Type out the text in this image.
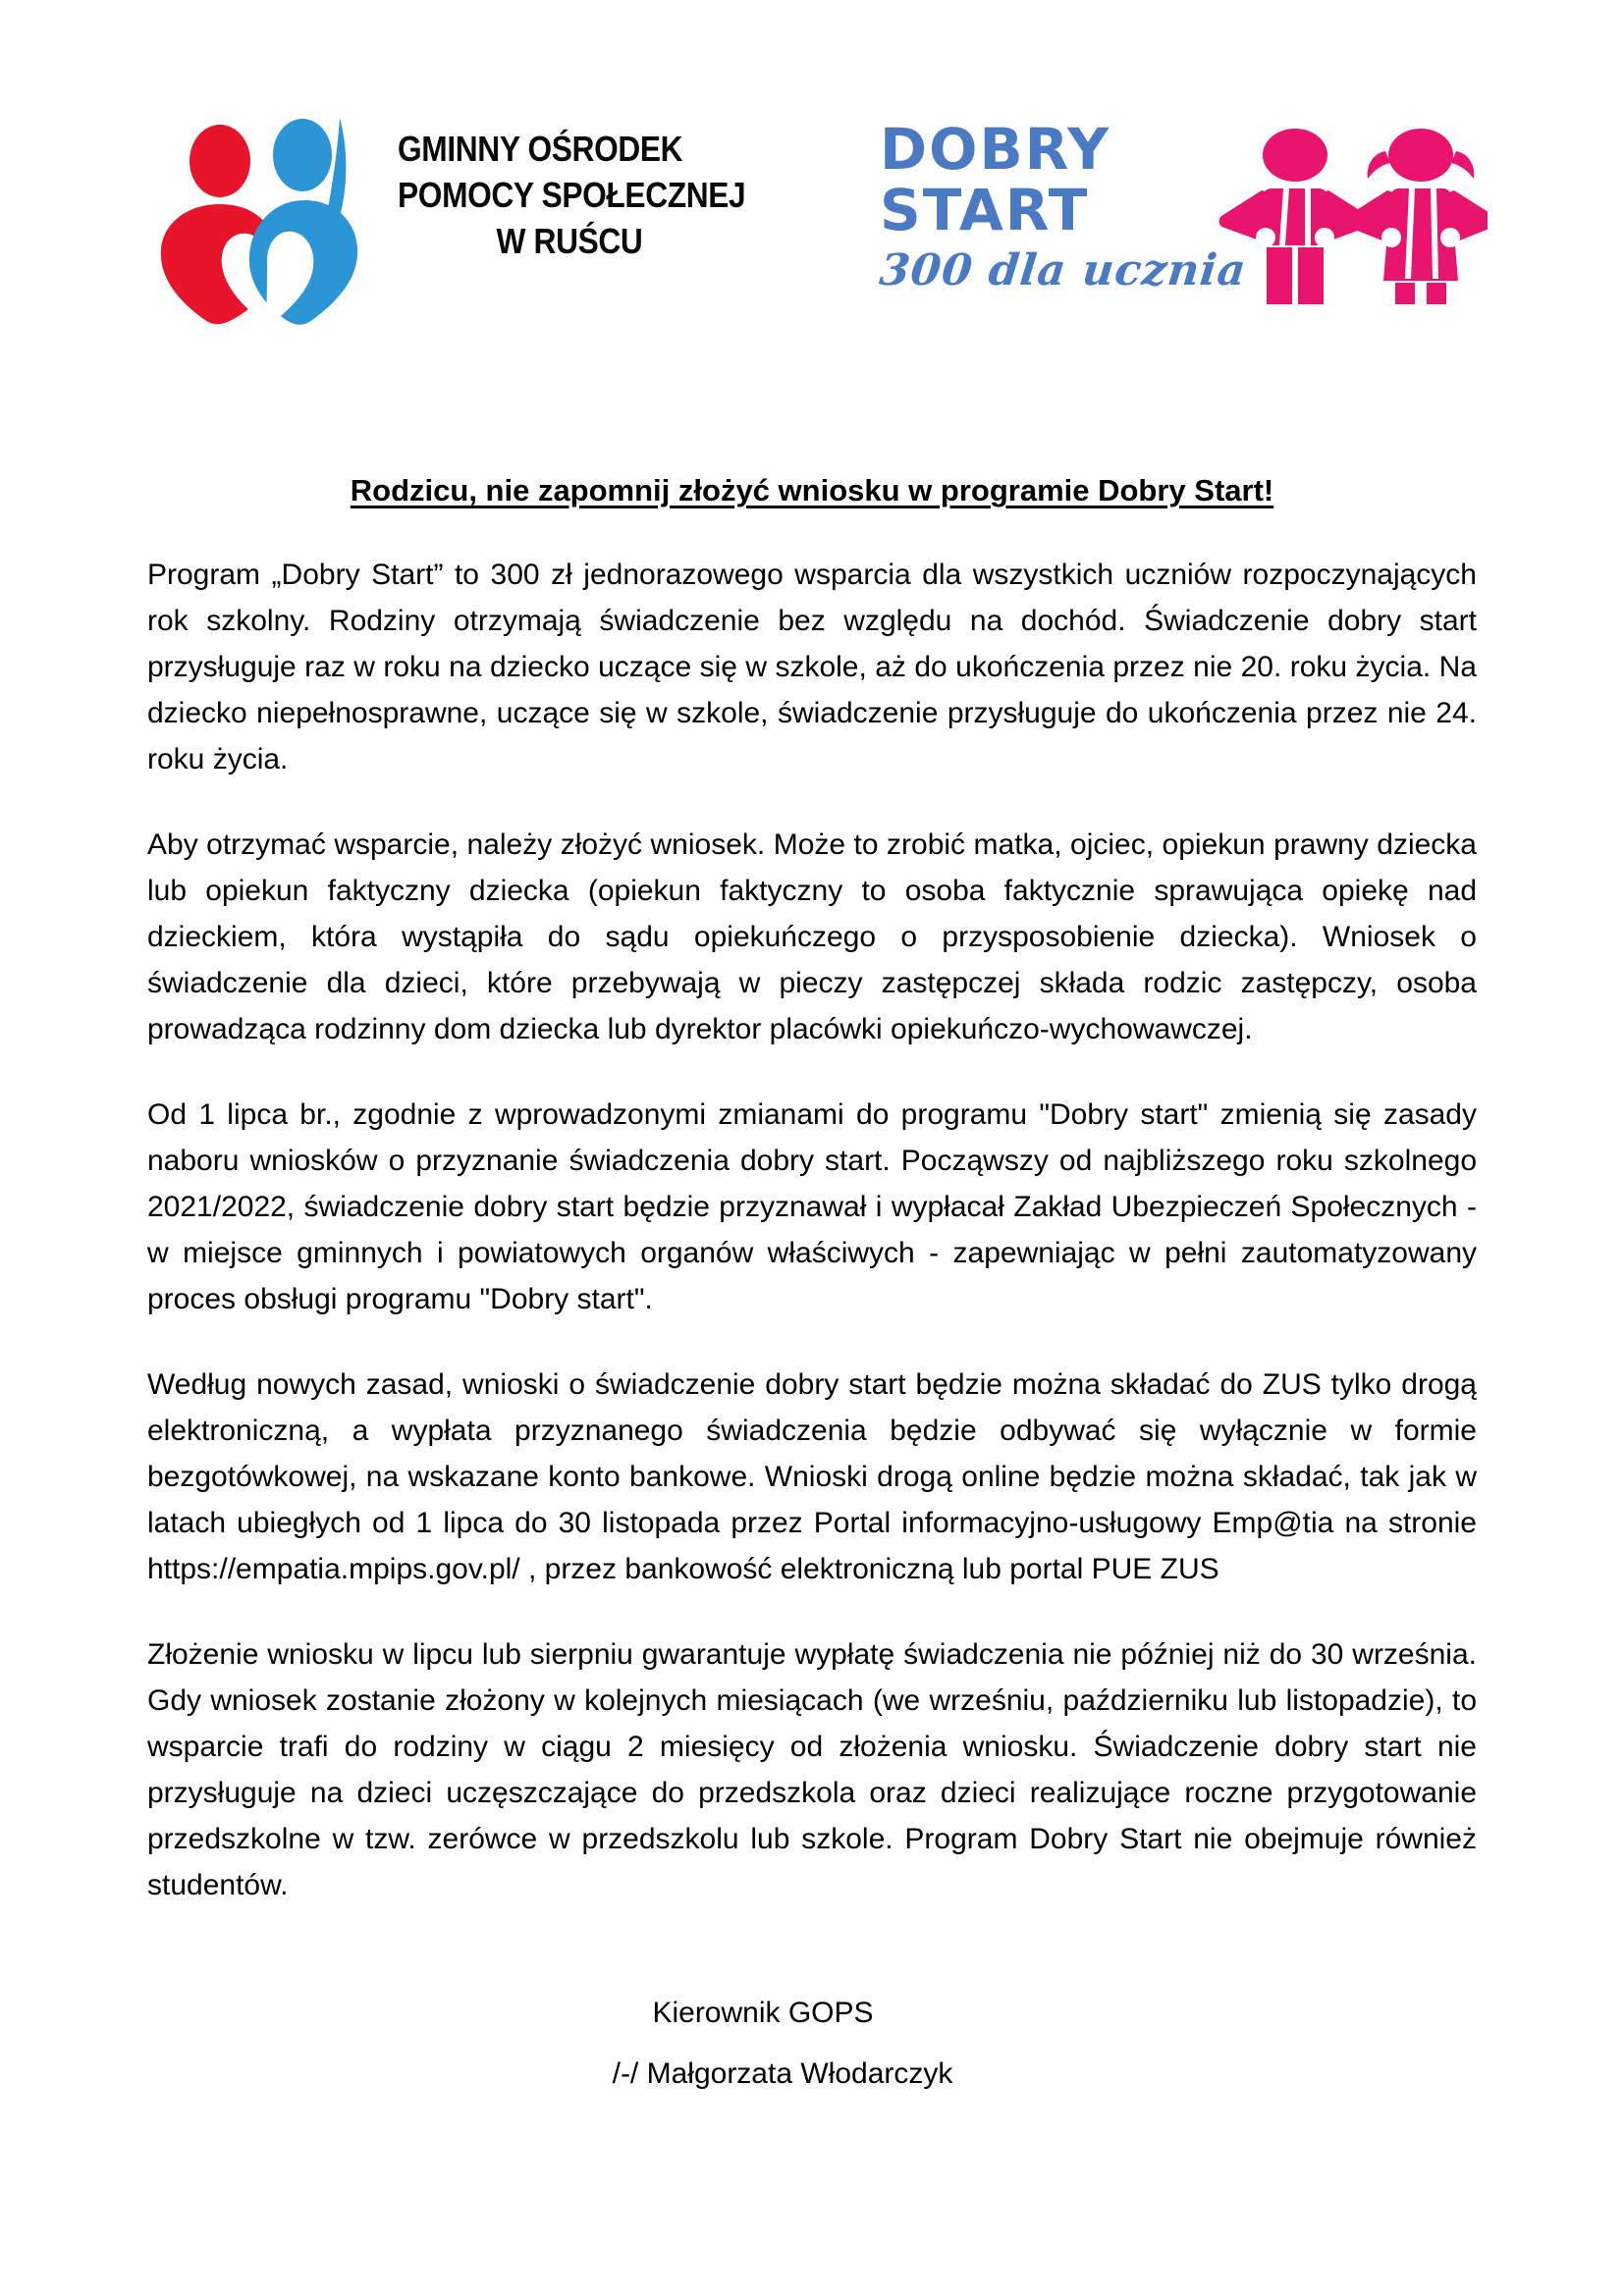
GMINNY OŚRODEK
POMOCY SPOŁECZNEJ
W RUŚCU
DOBRY
START
300 dla ucznia
Rodzicu, nie zapomnij złożyć wniosku w programie Dobry Start!

Program „Dobry Start” to 300 zł jednorazowego wsparcia dla wszystkich uczniów rozpoczynających rok szkolny. Rodziny otrzymają świadczenie bez względu na dochód. Świadczenie dobry start przysługuje raz w roku na dziecko uczące się w szkole, aż do ukończenia przez nie 20. roku życia. Na dziecko niepełnosprawne, uczące się w szkole, świadczenie przysługuje do ukończenia przez nie 24. roku życia.

Aby otrzymać wsparcie, należy złożyć wniosek. Może to zrobić matka, ojciec, opiekun prawny dziecka lub opiekun faktyczny dziecka (opiekun faktyczny to osoba faktycznie sprawująca opiekę nad dzieckiem, która wystąpiła do sądu opiekuńczego o przysposobienie dziecka). Wniosek o świadczenie dla dzieci, które przebywają w pieczy zastępczej składa rodzic zastępczy, osoba prowadząca rodzinny dom dziecka lub dyrektor placówki opiekuńczo-wychowawczej.

Od 1 lipca br., zgodnie z wprowadzonymi zmianami do programu "Dobry start" zmienią się zasady naboru wniosków o przyznanie świadczenia dobry start. Począwszy od najbliższego roku szkolnego 2021/2022, świadczenie dobry start będzie przyznawał i wypłacał Zakład Ubezpieczeń Społecznych - w miejsce gminnych i powiatowych organów właściwych - zapewniając w pełni zautomatyzowany proces obsługi programu "Dobry start".

Według nowych zasad, wnioski o świadczenie dobry start będzie można składać do ZUS tylko drogą elektroniczną, a wypłata przyznanego świadczenia będzie odbywać się wyłącznie w formie bezgotówkowej, na wskazane konto bankowe. Wnioski drogą online będzie można składać, tak jak w latach ubiegłych od 1 lipca do 30 listopada przez Portal informacyjno-usługowy Emp@tia na stronie https://empatia.mpips.gov.pl/ , przez bankowość elektroniczną lub portal PUE ZUS

Złożenie wniosku w lipcu lub sierpniu gwarantuje wypłatę świadczenia nie później niż do 30 września. Gdy wniosek zostanie złożony w kolejnych miesiącach (we wrześniu, październiku lub listopadzie), to wsparcie trafi do rodziny w ciągu 2 miesięcy od złożenia wniosku. Świadczenie dobry start nie przysługuje na dzieci uczęszczające do przedszkola oraz dzieci realizujące roczne przygotowanie przedszkolne w tzw. zerówce w przedszkolu lub szkole. Program Dobry Start nie obejmuje również studentów.

Kierownik GOPS
/-/ Małgorzata Włodarczyk
